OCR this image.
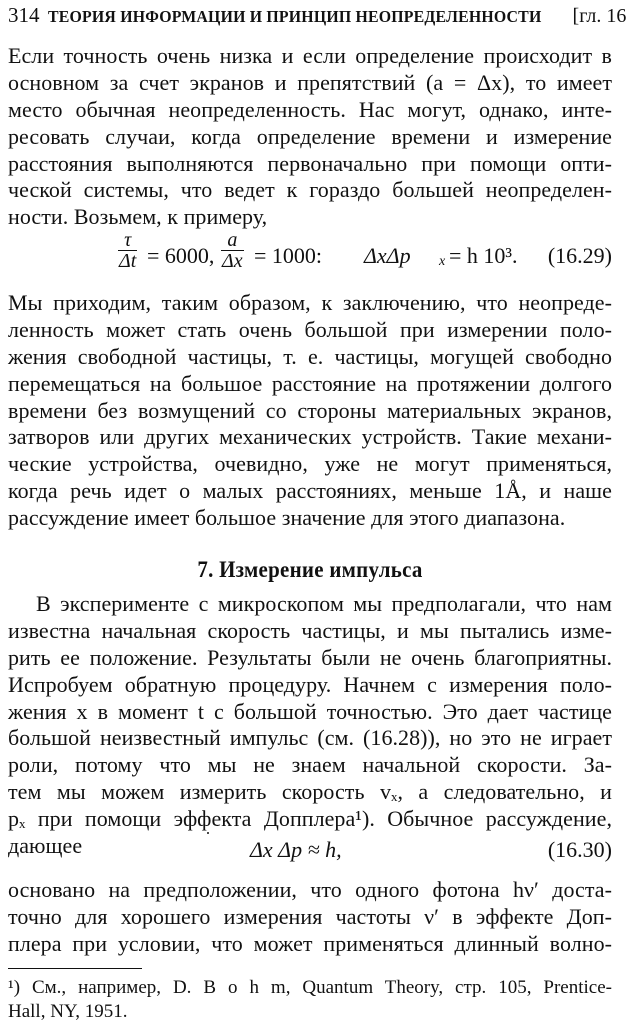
314 ТЕОРИЯ ИНФОРМАЦИИ И ПРИНЦИП НЕОПРЕДЕЛЕННОСТИ [гл. 16
Если точность очень низка и если определение происходит в
основном за счет экранов и препятствий (a = Δx), то имеет
место обычная неопределенность. Нас могут, однако, инте-
ресовать случаи, когда определение времени и измерение
расстояния выполняются первоначально при помощи опти-
ческой системы, что ведет к гораздо большей неопределен-
ности. Возьмем, к примеру,
$\frac{\tau}{\Delta t} = 6000$, $\frac{a}{\Delta x} = 1000$: ΔxΔp x = h 10³. (16.29)
Мы приходим, таким образом, к заключению, что неопреде-
ленность может стать очень большой при измерении поло-
жения свободной частицы, т. е. частицы, могущей свободно
перемещаться на большое расстояние на протяжении долгого
времени без возмущений со стороны материальных экранов,
затворов или других механических устройств. Такие механи-
ческие устройства, очевидно, уже не могут применяться,
когда речь идет о малых расстояниях, меньше 1Å, и наше
рассуждение имеет большое значение для этого диапазона.
7. Измерение импульса
В эксперименте с микроскопом мы предполагали, что нам
известна начальная скорость частицы, и мы пытались изме-
рить ее положение. Результаты были не очень благоприятны.
Испробуем обратную процедуру. Начнем с измерения поло-
жения x в момент t с большой точностью. Это дает частице
большой неизвестный импульс (см. (16.28)), но это не играет
роли, потому что мы не знаем начальной скорости. За-
тем мы можем измерить скорость vₓ, а следовательно, и
pₓ при помощи эффекта Допплера¹). Обычное рассуждение,
дающее	Δx Δp ≈ h,	(16.30)
основано на предположении, что одного фотона hν′ доста-
точно для хорошего измерения частоты ν′ в эффекте Доп-
плера при условии, что может применяться длинный волно-
¹) См., например, D. B o h m, Quantum Theory, стр. 105, Prentice-
Hall, NY, 1951.
